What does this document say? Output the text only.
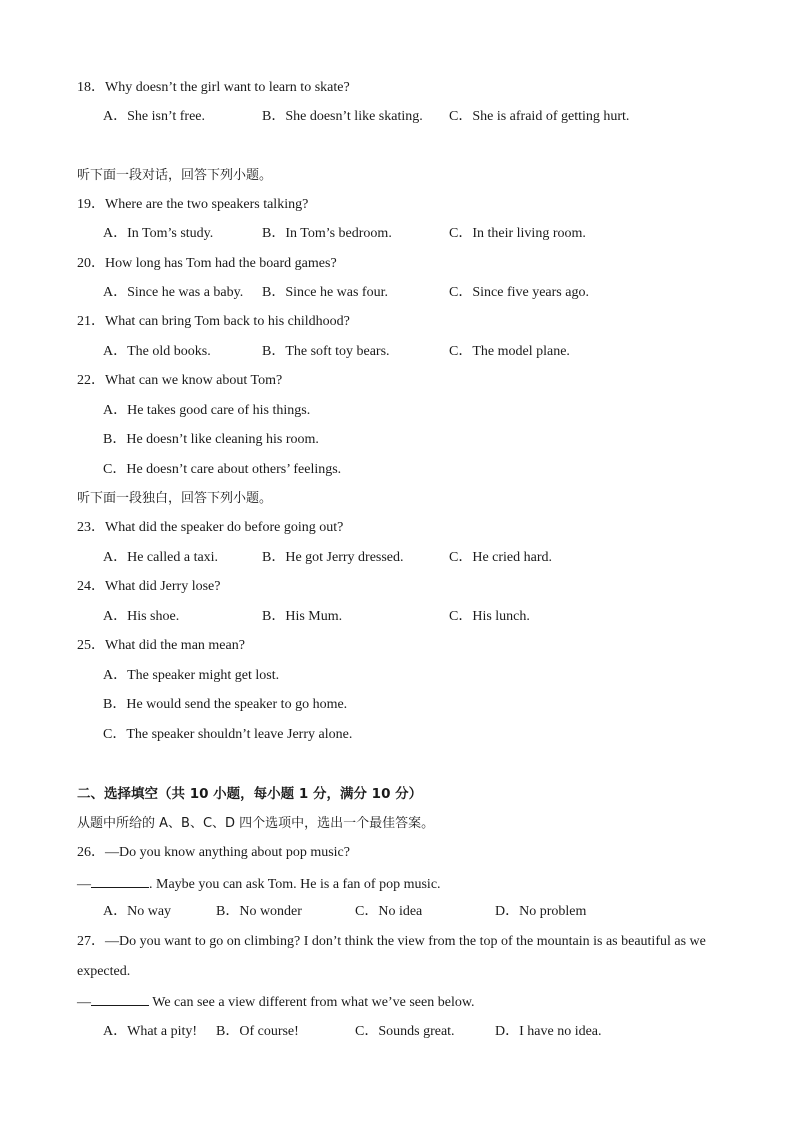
18．Why doesn’t the girl want to learn to skate?
A．She isn’t free.	B．She doesn’t like skating. C．She is afraid of getting hurt.
听下面一段对话，回答下列小题。
19．Where are the two speakers talking?
A．In Tom’s study.	B．In Tom’s bedroom.	C．In their living room.
20．How long has Tom had the board games?
A．Since he was a baby. B．Since he was four.	C．Since five years ago.
21．What can bring Tom back to his childhood?
A．The old books.	B．The soft toy bears.	C．The model plane.
22．What can we know about Tom?
A．He takes good care of his things.
B．He doesn’t like cleaning his room.
C．He doesn’t care about others’ feelings.
听下面一段独白，回答下列小题。
23．What did the speaker do before going out?
A．He called a taxi.	B．He got Jerry dressed.	C．He cried hard.
24．What did Jerry lose?
A．His shoe.	B．His Mum.	C．His lunch.
25．What did the man mean?
A．The speaker might get lost.
B．He would send the speaker to go home.
C．The speaker shouldn’t leave Jerry alone.
二、选择填空（共 10 小题，每小题 1 分，满分 10 分）
从题中所给的 A、B、C、D 四个选项中，选出一个最佳答案。
26．—Do you know anything about pop music?
—	. Maybe you can ask Tom. He is a fan of pop music.
A．No way	B．No wonder	C．No idea	D．No problem
27．—Do you want to go on climbing? I don’t think the view from the top of the mountain is as beautiful as we
expected.
—	We can see a view different from what we’ve seen below.
A．What a pity! B．Of course!	C．Sounds great.	D．I have no idea.
